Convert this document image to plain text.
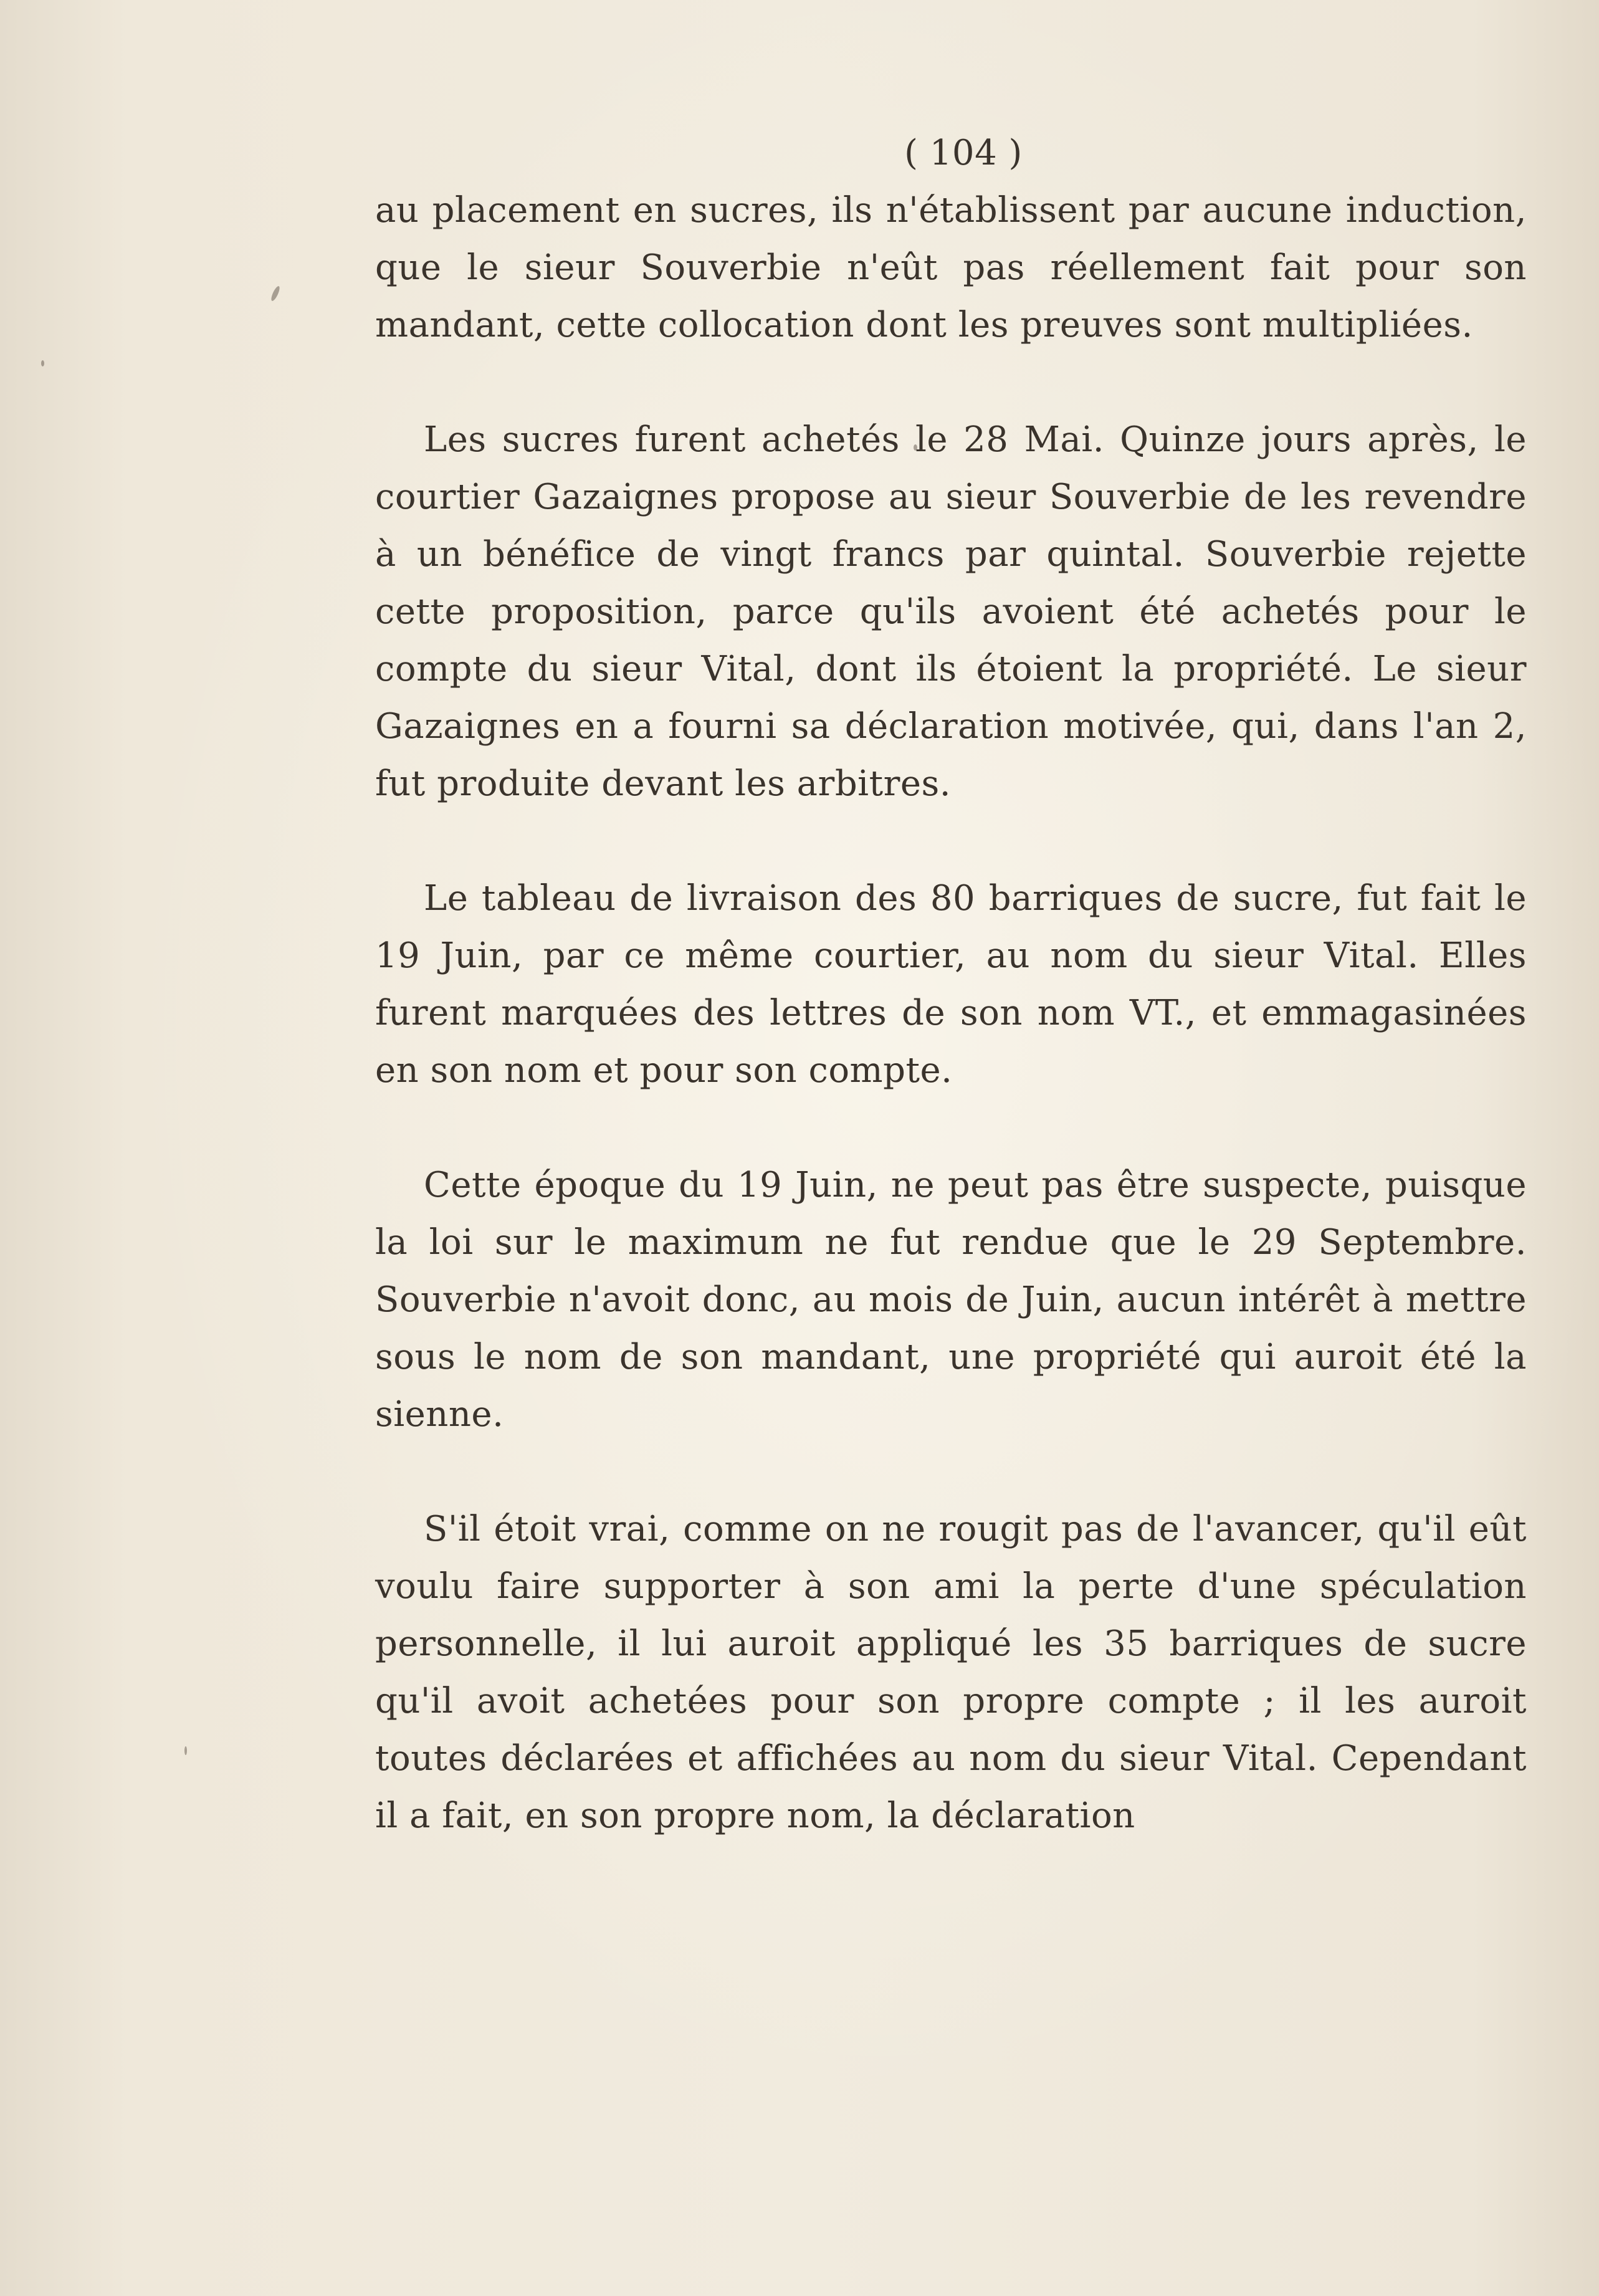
( 104 )

au placement en sucres, ils n'établissent par aucune induction, que le sieur Souverbie n'eût pas réellement fait pour son mandant, cette collocation dont les preuves sont multipliées.

Les sucres furent achetés le 28 Mai. Quinze jours après, le courtier Gazaignes propose au sieur Souverbie de les revendre à un bénéfice de vingt francs par quintal. Souverbie rejette cette proposition, parce qu'ils avoient été achetés pour le compte du sieur Vital, dont ils étoient la propriété. Le sieur Gazaignes en a fourni sa déclaration motivée, qui, dans l'an 2, fut produite devant les arbitres.

Le tableau de livraison des 80 barriques de sucre, fut fait le 19 Juin, par ce même courtier, au nom du sieur Vital. Elles furent marquées des lettres de son nom VT., et emmagasinées en son nom et pour son compte.

Cette époque du 19 Juin, ne peut pas être suspecte, puisque la loi sur le maximum ne fut rendue que le 29 Septembre. Souverbie n'avoit donc, au mois de Juin, aucun intérêt à mettre sous le nom de son mandant, une propriété qui auroit été la sienne.

S'il étoit vrai, comme on ne rougit pas de l'avancer, qu'il eût voulu faire supporter à son ami la perte d'une spéculation personnelle, il lui auroit appliqué les 35 barriques de sucre qu'il avoit achetées pour son propre compte ; il les auroit toutes déclarées et affichées au nom du sieur Vital. Cependant il a fait, en son propre nom, la déclaration
